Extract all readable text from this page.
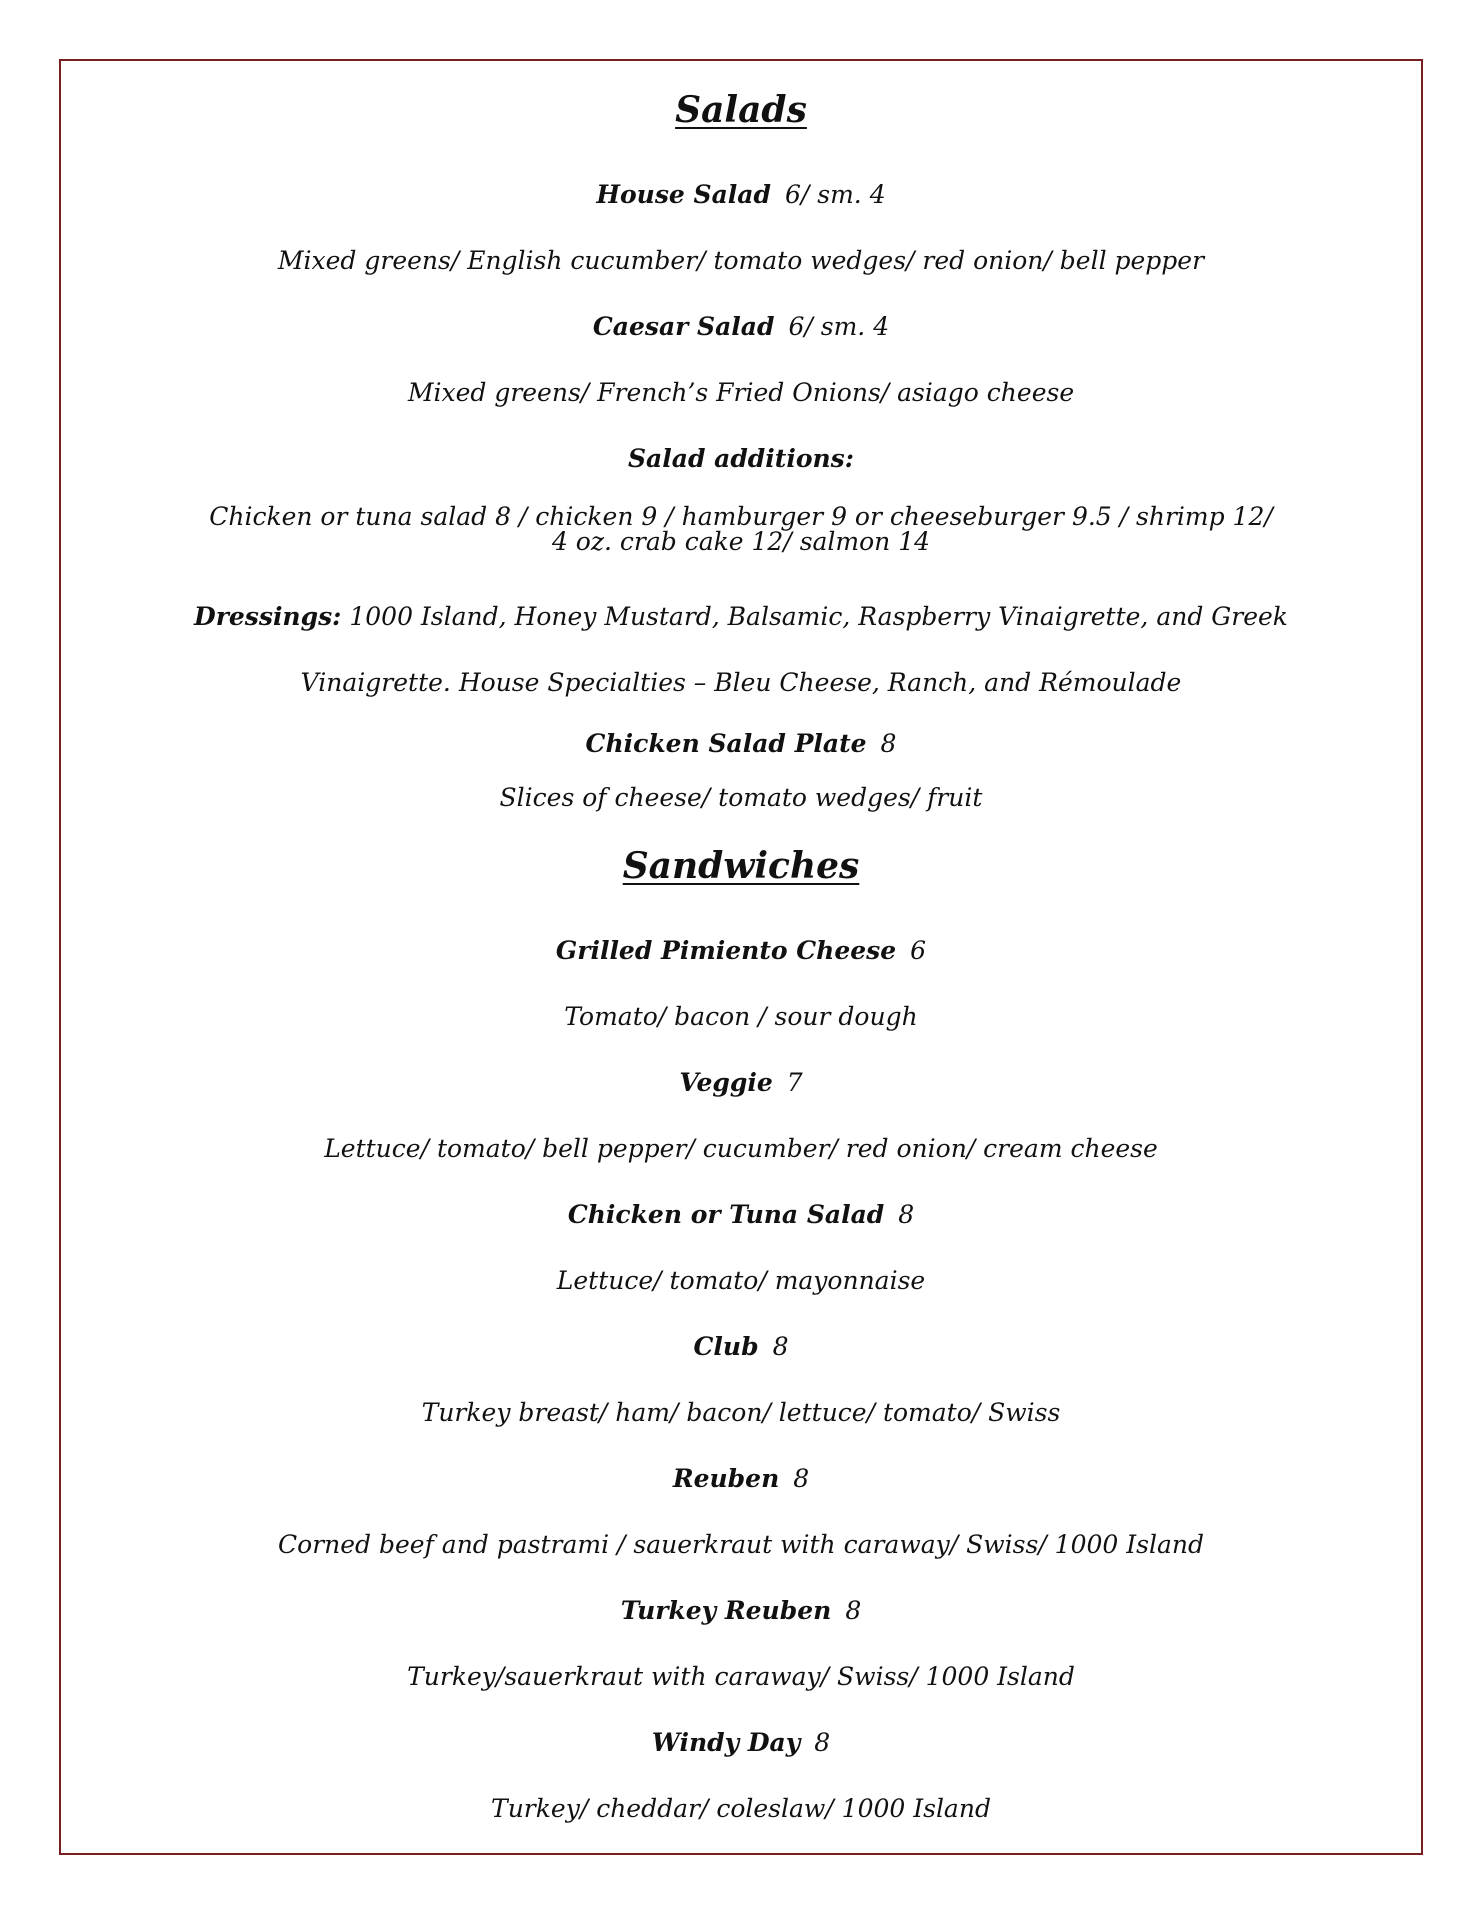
Salads
House Salad 6/ sm. 4
Mixed greens/ English cucumber/ tomato wedges/ red onion/ bell pepper
Caesar Salad 6/ sm. 4
Mixed greens/ French’s Fried Onions/ asiago cheese
Salad additions:
Chicken or tuna salad 8 / chicken 9 / hamburger 9 or cheeseburger 9.5 / shrimp 12/
4 oz. crab cake 12/ salmon 14
Dressings: 1000 Island, Honey Mustard, Balsamic, Raspberry Vinaigrette, and Greek
Vinaigrette. House Specialties – Bleu Cheese, Ranch, and Rémoulade
Chicken Salad Plate 8
Slices of cheese/ tomato wedges/ fruit
Sandwiches
Grilled Pimiento Cheese 6
Tomato/ bacon / sour dough
Veggie 7
Lettuce/ tomato/ bell pepper/ cucumber/ red onion/ cream cheese
Chicken or Tuna Salad 8
Lettuce/ tomato/ mayonnaise
Club 8
Turkey breast/ ham/ bacon/ lettuce/ tomato/ Swiss
Reuben 8
Corned beef and pastrami / sauerkraut with caraway/ Swiss/ 1000 Island
Turkey Reuben 8
Turkey/sauerkraut with caraway/ Swiss/ 1000 Island
Windy Day 8
Turkey/ cheddar/ coleslaw/ 1000 Island
